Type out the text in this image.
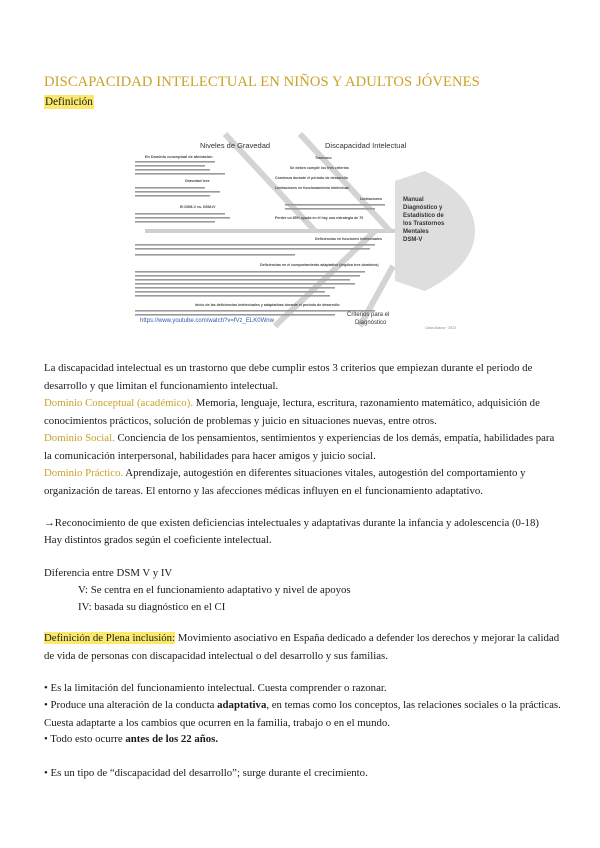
DISCAPACIDAD INTELECTUAL EN NIÑOS Y ADULTOS JÓVENES
Definición
Niveles de Gravedad	Discapacidad Intelectual
En Dominio conceptual de afectación
Gravedad leve
El DSM-V vs. DSM-IV
Trastorno
Se deben cumplir los tres criterios
Comienza durante el periodo de desarrollo
Limitaciones en funcionamiento intelectual
Limitaciones
Perder un 85% ayuda en él hay una estrategia de 70
Deficiencias en funciones intelectuales
Deficiencias en el comportamiento adaptativo (implica tres dominios)
Inicio de las deficiencias intelectuales y adaptativas durante el periodo de desarrollo
Manual Diagnóstico y Estadístico de los Trastornos Mentales DSM-V
Criterios para el Diagnóstico
https://www.youtube.com/watch?v=fVz_ELK0Wnw
Carla Abarca · 2022
La discapacidad intelectual es un trastorno que debe cumplir estos 3 criterios que empiezan durante el periodo de desarrollo y que limitan el funcionamiento intelectual.
Dominio Conceptual (académico). Memoria, lenguaje, lectura, escritura, razonamiento matemático, adquisición de conocimientos prácticos, solución de problemas y juicio en situaciones nuevas, entre otros.
Dominio Social. Conciencia de los pensamientos, sentimientos y experiencias de los demás, empatía, habilidades para la comunicación interpersonal, habilidades para hacer amigos y juicio social.
Dominio Práctico. Aprendizaje, autogestión en diferentes situaciones vitales, autogestión del comportamiento y organización de tareas. El entorno y las afecciones médicas influyen en el funcionamiento adaptativo.
→Reconocimiento de que existen deficiencias intelectuales y adaptativas durante la infancia y adolescencia (0-18)
Hay distintos grados según el coeficiente intelectual.
Diferencia entre DSM V y IV
V: Se centra en el funcionamiento adaptativo y nivel de apoyos
IV: basada su diagnóstico en el CI
Definición de Plena inclusión: Movimiento asociativo en España dedicado a defender los derechos y mejorar la calidad de vida de personas con discapacidad intelectual o del desarrollo y sus familias.
• Es la limitación del funcionamiento intelectual. Cuesta comprender o razonar.
• Produce una alteración de la conducta adaptativa, en temas como los conceptos, las relaciones sociales o la prácticas. Cuesta adaptarte a los cambios que ocurren en la familia, trabajo o en el mundo.
• Todo esto ocurre antes de los 22 años.
• Es un tipo de “discapacidad del desarrollo”; surge durante el crecimiento.
